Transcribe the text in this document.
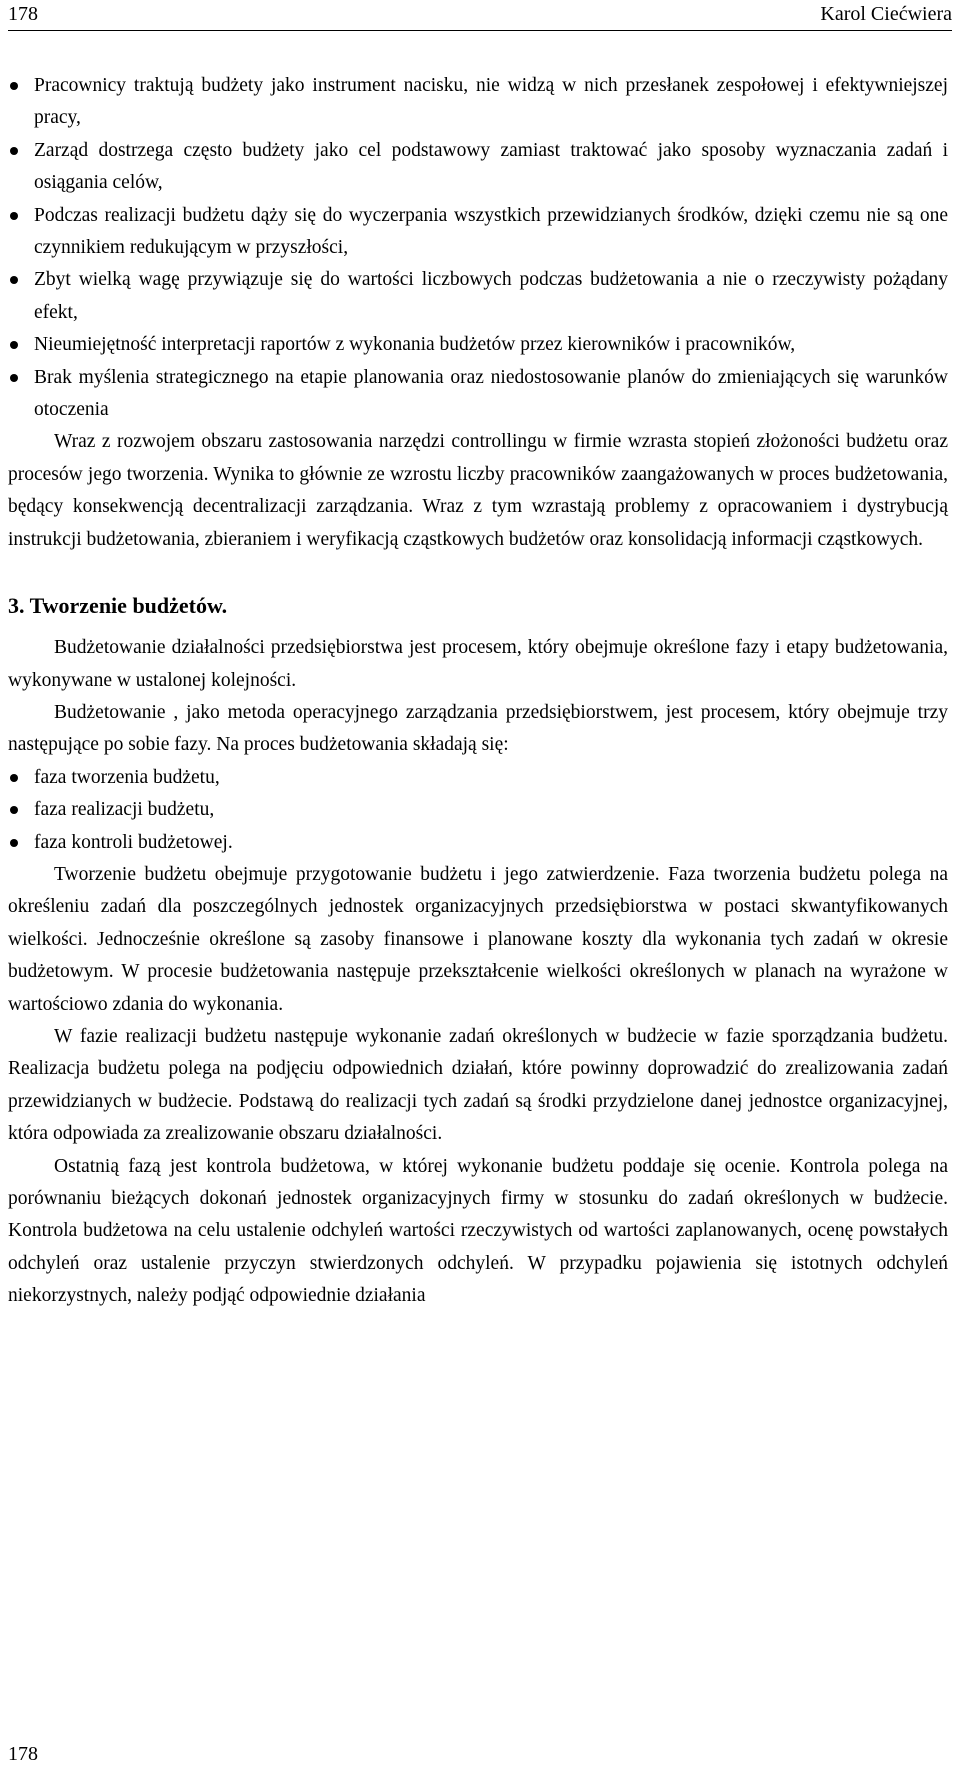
178	Karol Ciećwiera
Pracownicy traktują budżety jako instrument nacisku, nie widzą w nich przesłanek zespołowej i efektywniejszej pracy,
Zarząd dostrzega często budżety jako cel podstawowy zamiast traktować jako sposoby wyznaczania zadań i osiągania celów,
Podczas realizacji budżetu dąży się do wyczerpania wszystkich przewidzianych środków, dzięki czemu nie są one czynnikiem redukującym w przyszłości,
Zbyt wielką wagę przywiązuje się do wartości liczbowych podczas budżetowania a nie o rzeczywisty pożądany efekt,
Nieumiejętność interpretacji raportów z wykonania budżetów przez kierowników i pracowników,
Brak myślenia strategicznego na etapie planowania oraz niedostosowanie planów do zmieniających się warunków otoczenia

Wraz z rozwojem obszaru zastosowania narzędzi controllingu w firmie wzrasta stopień złożoności budżetu oraz procesów jego tworzenia. Wynika to głównie ze wzrostu liczby pracowników zaangażowanych w proces budżetowania, będący konsekwencją decentralizacji zarządzania. Wraz z tym wzrastają problemy z opracowaniem i dystrybucją instrukcji budżetowania, zbieraniem i weryfikacją cząstkowych budżetów oraz konsolidacją informacji cząstkowych.

3. Tworzenie budżetów.

Budżetowanie działalności przedsiębiorstwa jest procesem, który obejmuje określone fazy i etapy budżetowania, wykonywane w ustalonej kolejności.

Budżetowanie , jako metoda operacyjnego zarządzania przedsiębiorstwem, jest procesem, który obejmuje trzy następujące po sobie fazy. Na proces budżetowania składają się:

faza tworzenia budżetu,
faza realizacji budżetu,
faza kontroli budżetowej.

Tworzenie budżetu obejmuje przygotowanie budżetu i jego zatwierdzenie. Faza tworzenia budżetu polega na określeniu zadań dla poszczególnych jednostek organizacyjnych przedsiębiorstwa w postaci skwantyfikowanych wielkości. Jednocześnie określone są zasoby finansowe i planowane koszty dla wykonania tych zadań w okresie budżetowym. W procesie budżetowania następuje przekształcenie wielkości określonych w planach na wyrażone w wartościowo zdania do wykonania.

W fazie realizacji budżetu następuje wykonanie zadań określonych w budżecie w fazie sporządzania budżetu. Realizacja budżetu polega na podjęciu odpowiednich działań, które powinny doprowadzić do zrealizowania zadań przewidzianych w budżecie. Podstawą do realizacji tych zadań są środki przydzielone danej jednostce organizacyjnej, która odpowiada za zrealizowanie obszaru działalności.

Ostatnią fazą jest kontrola budżetowa, w której wykonanie budżetu poddaje się ocenie. Kontrola polega na porównaniu bieżących dokonań jednostek organizacyjnych firmy w stosunku do zadań określonych w budżecie. Kontrola budżetowa na celu ustalenie odchyleń wartości rzeczywistych od wartości zaplanowanych, ocenę powstałych odchyleń oraz ustalenie przyczyn stwierdzonych odchyleń. W przypadku pojawienia się istotnych odchyleń niekorzystnych, należy podjąć odpowiednie działania

178
